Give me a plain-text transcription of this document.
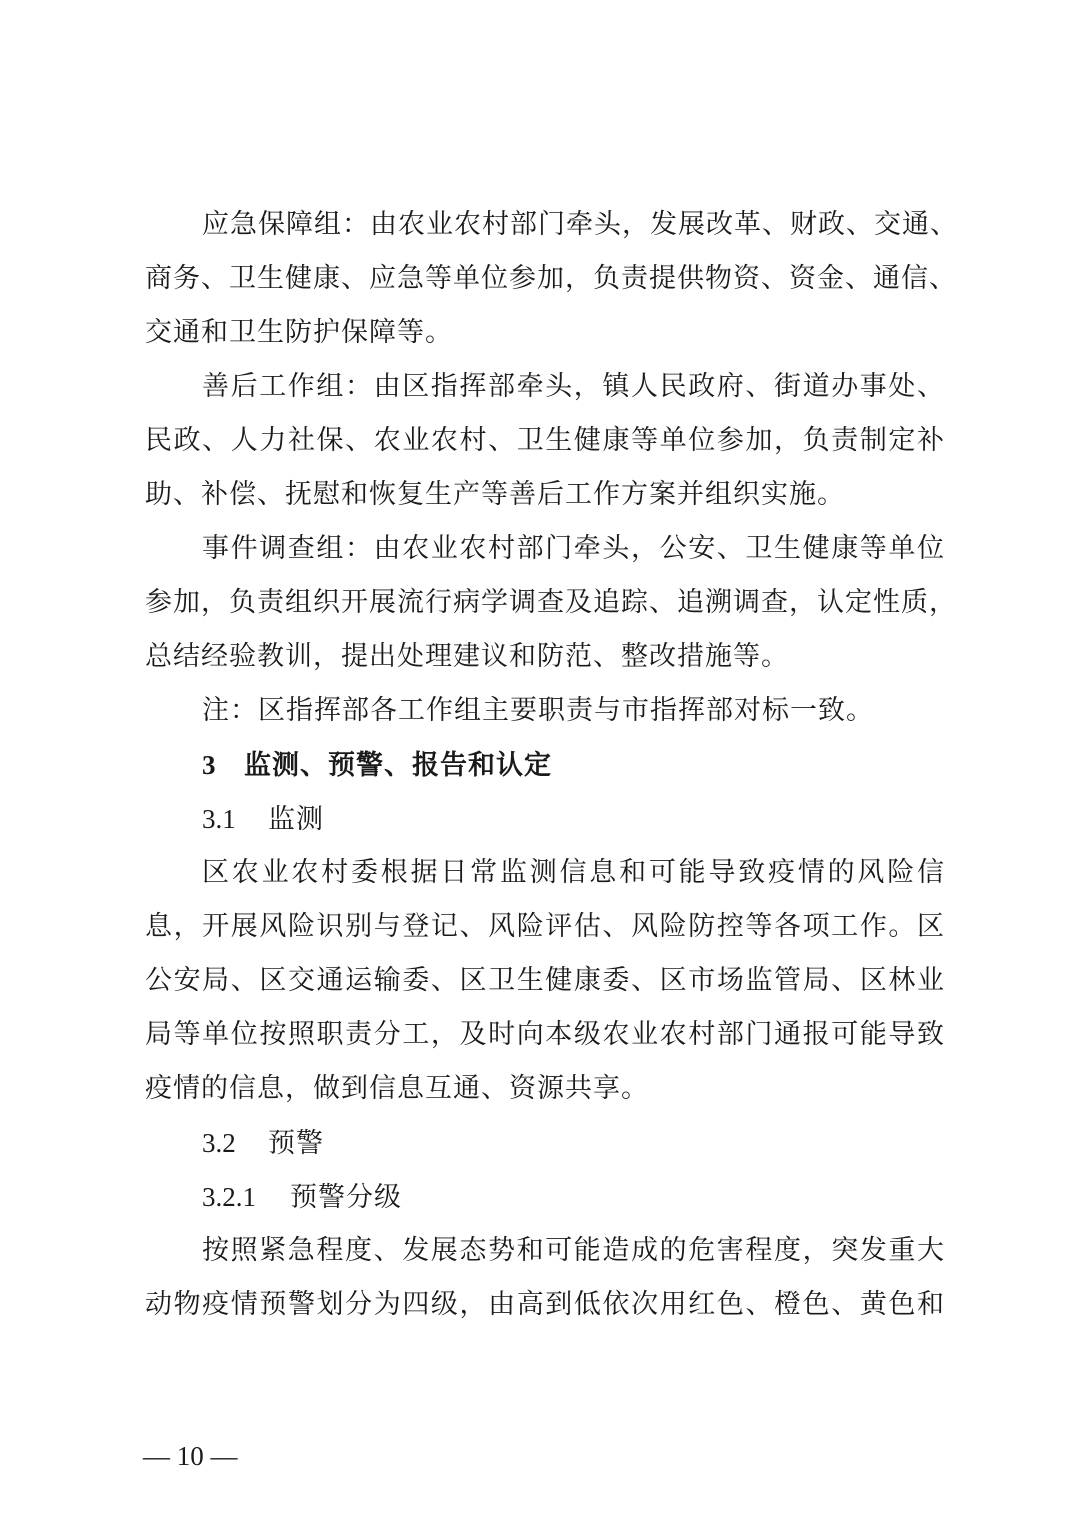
应急保障组：由农业农村部门牵头，发展改革、财政、交通、
商务、卫生健康、应急等单位参加，负责提供物资、资金、通信、
交通和卫生防护保障等。
善后工作组：由区指挥部牵头，镇人民政府、街道办事处、
民政、人力社保、农业农村、卫生健康等单位参加，负责制定补
助、补偿、抚慰和恢复生产等善后工作方案并组织实施。
事件调查组：由农业农村部门牵头，公安、卫生健康等单位
参加，负责组织开展流行病学调查及追踪、追溯调查，认定性质，
总结经验教训，提出处理建议和防范、整改措施等。
注：区指挥部各工作组主要职责与市指挥部对标一致。
3 监测、预警、报告和认定
3.1 监测
区农业农村委根据日常监测信息和可能导致疫情的风险信
息，开展风险识别与登记、风险评估、风险防控等各项工作。区
公安局、区交通运输委、区卫生健康委、区市场监管局、区林业
局等单位按照职责分工，及时向本级农业农村部门通报可能导致
疫情的信息，做到信息互通、资源共享。
3.2 预警
3.2.1 预警分级
按照紧急程度、发展态势和可能造成的危害程度，突发重大
动物疫情预警划分为四级，由高到低依次用红色、橙色、黄色和
— 10 —
